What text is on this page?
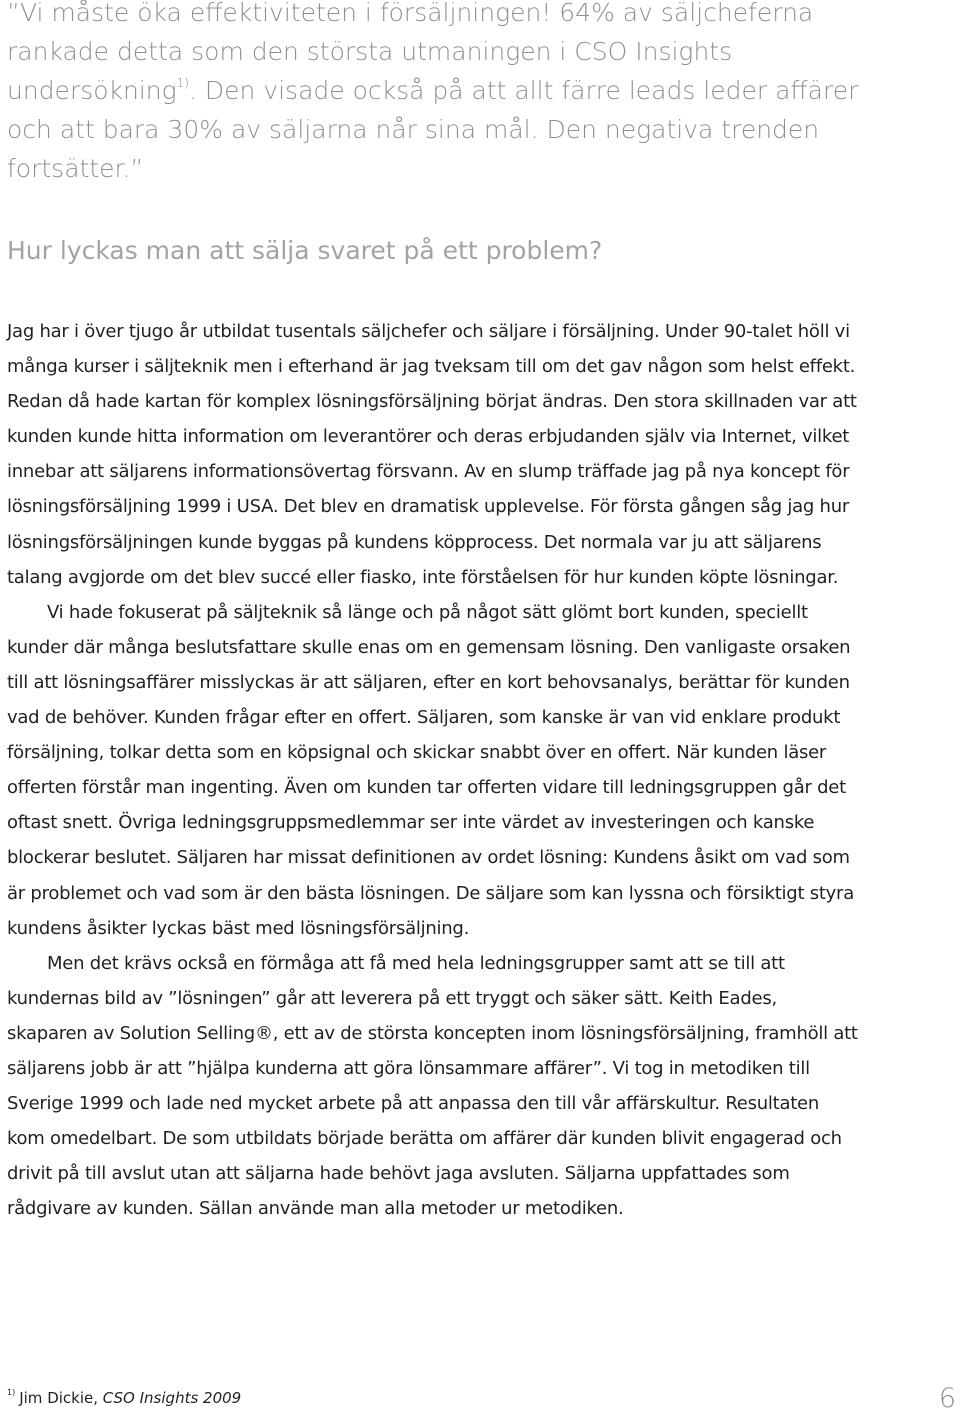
”Vi måste öka effektiviteten i försäljningen! 64% av säljcheferna rankade detta som den största utmaningen i CSO Insights undersökning$^{1)}$. Den visade också på att allt färre leads leder affärer och att bara 30% av säljarna når sina mål. Den negativa trenden fortsätter.”

Hur lyckas man att sälja svaret på ett problem?

Jag har i över tjugo år utbildat tusentals säljchefer och säljare i försäljning. Under 90-talet höll vi många kurser i säljteknik men i efterhand är jag tveksam till om det gav någon som helst effekt. Redan då hade kartan för komplex lösningsförsäljning börjat ändras. Den stora skillnaden var att kunden kunde hitta information om leverantörer och deras erbjudanden själv via Internet, vilket innebar att säljarens informationsövertag försvann. Av en slump träffade jag på nya koncept för lösningsförsäljning 1999 i USA. Det blev en dramatisk upplevelse. För första gången såg jag hur lösningsförsäljningen kunde byggas på kundens köpprocess. Det normala var ju att säljarens talang avgjorde om det blev succé eller fiasko, inte förståelsen för hur kunden köpte lösningar.

Vi hade fokuserat på säljteknik så länge och på något sätt glömt bort kunden, speciellt kunder där många beslutsfattare skulle enas om en gemensam lösning. Den vanligaste orsaken till att lösningsaffärer misslyckas är att säljaren, efter en kort behovsanalys, berättar för kunden vad de behöver. Kunden frågar efter en offert. Säljaren, som kanske är van vid enklare produkt försäljning, tolkar detta som en köpsignal och skickar snabbt över en offert. När kunden läser offerten förstår man ingenting. Även om kunden tar offerten vidare till ledningsgruppen går det oftast snett. Övriga ledningsgruppsmedlemmar ser inte värdet av investeringen och kanske blockerar beslutet. Säljaren har missat definitionen av ordet lösning: Kundens åsikt om vad som är problemet och vad som är den bästa lösningen. De säljare som kan lyssna och försiktigt styra kundens åsikter lyckas bäst med lösningsförsäljning.

Men det krävs också en förmåga att få med hela ledningsgrupper samt att se till att kundernas bild av ”lösningen” går att leverera på ett tryggt och säker sätt. Keith Eades, skaparen av Solution Selling®, ett av de största koncepten inom lösningsförsäljning, framhöll att säljarens jobb är att ”hjälpa kunderna att göra lönsammare affärer”. Vi tog in metodiken till Sverige 1999 och lade ned mycket arbete på att anpassa den till vår affärskultur. Resultaten kom omedelbart. De som utbildats började berätta om affärer där kunden blivit engagerad och drivit på till avslut utan att säljarna hade behövt jaga avsluten. Säljarna uppfattades som rådgivare av kunden. Sällan använde man alla metoder ur metodiken.

$^{1)}$ Jim Dickie, CSO Insights 2009	6
